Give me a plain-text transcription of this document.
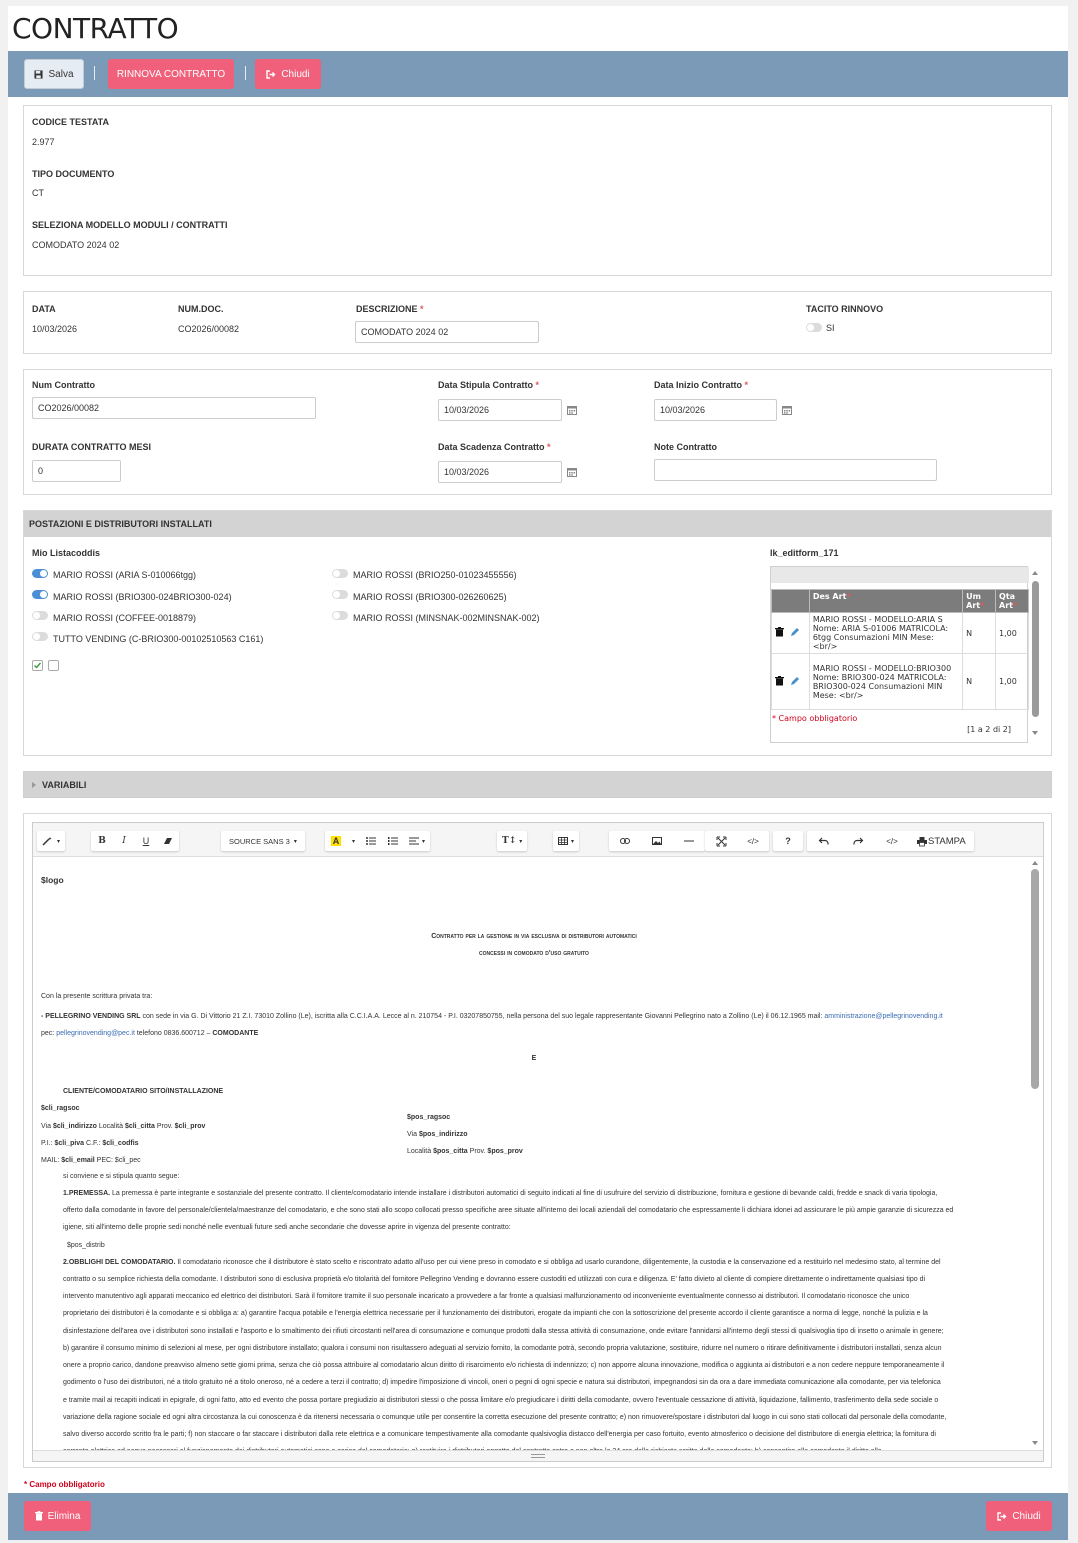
CONTRATTO
Salva	RINNOVA CONTRATTO	Chiudi
CODICE TESTATA
2.977
TIPO DOCUMENTO
CT
SELEZIONA MODELLO MODULI / CONTRATTI
COMODATO 2024 02
DATA
10/03/2026
NUM.DOC.
CO2026/00082
DESCRIZIONE *
COMODATO 2024 02
TACITO RINNOVO
SI
Num Contratto
CO2026/00082
Data Stipula Contratto *
10/03/2026
Data Inizio Contratto *
10/03/2026
DURATA CONTRATTO MESI
0
Data Scadenza Contratto *
10/03/2026
Note Contratto
POSTAZIONI E DISTRIBUTORI INSTALLATI
Mio Listacoddis
MARIO ROSSI (ARIA S-010066tgg)
MARIO ROSSI (BRIO300-024BRIO300-024)
MARIO ROSSI (COFFEE-0018879)
TUTTO VENDING (C-BRIO300-00102510563 C161)
MARIO ROSSI (BRIO250-01023455556)
MARIO ROSSI (BRIO300-026260625)
MARIO ROSSI (MINSNAK-002MINSNAK-002)
lk_editform_171
	Des Art*	Um Art*	Qta Art*
	MARIO ROSSI - MODELLO:ARIA S Nome: ARIA S-01006 MATRICOLA: 6tgg Consumazioni MIN Mese: <br/>	N	1,00
	MARIO ROSSI - MODELLO:BRIO300 Nome: BRIO300-024 MATRICOLA: BRIO300-024 Consumazioni MIN Mese: <br/>	N	1,00
* Campo obbligatorio
[1 a 2 di 2]
VARIABILI
▾	B I U	SOURCE SANS 3 ▾	A	▾	▾	T↕ ▾	▾	</>	?	</>	STAMPA
$logo
Contratto per la gestione in via esclusiva di distributori automatici
concessi in comodato d'uso gratuito
Con la presente scrittura privata tra:
- PELLEGRINO VENDING SRL con sede in via G. Di Vittorio 21 Z.I. 73010 Zollino (Le), iscritta alla C.C.I.A.A. Lecce al n. 210754 - P.I. 03207850755, nella persona del suo legale rappresentante Giovanni Pellegrino nato a Zollino (Le) il 06.12.1965 mail: amministrazione@pellegrinovending.it
pec: pellegrinovending@pec.it telefono 0836.600712 – COMODANTE
E
CLIENTE/COMODATARIO SITO/INSTALLAZIONE
$cli_ragsoc
Via $cli_indirizzo Località $cli_citta Prov. $cli_prov
P.I.: $cli_piva C.F.: $cli_codfis
MAIL: $cli_email PEC: $cli_pec
$pos_ragsoc
Via $pos_indirizzo
Località $pos_citta Prov. $pos_prov
si conviene e si stipula quanto segue:
1.PREMESSA. La premessa è parte integrante e sostanziale del presente contratto. Il cliente/comodatario intende installare i distributori automatici di seguito indicati al fine di usufruire del servizio di distribuzione, fornitura e gestione di bevande caldi, fredde e snack di varia tipologia,
offerto dalla comodante in favore del personale/clientela/maestranze del comodatario, e che sono stati allo scopo collocati presso specifiche aree situate all'interno dei locali aziendali del comodatario che espressamente li dichiara idonei ad assicurare le più ampie garanzie di sicurezza ed
igiene, siti all'interno delle proprie sedi nonché nelle eventuali future sedi anche secondarie che dovesse aprire in vigenza del presente contratto:
$pos_distrib
2.OBBLIGHI DEL COMODATARIO. Il comodatario riconosce che il distributore è stato scelto e riscontrato adatto all'uso per cui viene preso in comodato e si obbliga ad usarlo curandone, diligentemente, la custodia e la conservazione ed a restituirlo nel medesimo stato, al termine del
contratto o su semplice richiesta della comodante. I distributori sono di esclusiva proprietà e/o titolarità del fornitore Pellegrino Vending e dovranno essere custoditi ed utilizzati con cura e diligenza. E' fatto divieto al cliente di compiere direttamente o indirettamente qualsiasi tipo di
intervento manutentivo agli apparati meccanico ed elettrico dei distributori. Sarà il fornitore tramite il suo personale incaricato a provvedere a far fronte a qualsiasi malfunzionamento od inconveniente eventualmente connesso ai distributori. Il comodatario riconosce che unico
proprietario dei distributori è la comodante e si obbliga a: a) garantire l'acqua potabile e l'energia elettrica necessarie per il funzionamento dei distributori, erogate da impianti che con la sottoscrizione del presente accordo il cliente garantisce a norma di legge, nonché la pulizia e la
disinfestazione dell'area ove i distributori sono installati e l'asporto e lo smaltimento dei rifiuti circostanti nell'area di consumazione e comunque prodotti dalla stessa attività di consumazione, onde evitare l'annidarsi all'interno degli stessi di qualsivoglia tipo di insetto o animale in genere;
b) garantire il consumo minimo di selezioni al mese, per ogni distributore installato; qualora i consumi non risultassero adeguati al servizio fornito, la comodante potrà, secondo propria valutazione, sostituire, ridurre nel numero o ritirare definitivamente i distributori installati, senza alcun
onere a proprio carico, dandone preavviso almeno sette giorni prima, senza che ciò possa attribuire al comodatario alcun diritto di risarcimento e/o richiesta di indennizzo; c) non apporre alcuna innovazione, modifica o aggiunta ai distributori e a non cedere neppure temporaneamente il
godimento o l'uso dei distributori, né a titolo gratuito né a titolo oneroso, né a cedere a terzi il contratto; d) impedire l'imposizione di vincoli, oneri o pegni di ogni specie e natura sui distributori, impegnandosi sin da ora a dare immediata comunicazione alla comodante, per via telefonica
e tramite mail ai recapiti indicati in epigrafe, di ogni fatto, atto ed evento che possa portare pregiudizio ai distributori stessi o che possa limitare e/o pregiudicare i diritti della comodante, ovvero l'eventuale cessazione di attività, liquidazione, fallimento, trasferimento della sede sociale o
variazione della ragione sociale ed ogni altra circostanza la cui conoscenza è da ritenersi necessaria o comunque utile per consentire la corretta esecuzione del presente contratto; e) non rimuovere/spostare i distributori dal luogo in cui sono stati collocati dal personale della comodante,
salvo diverso accordo scritto fra le parti; f) non staccare o far staccare i distributori dalla rete elettrica e a comunicare tempestivamente alla comodante qualsivoglia distacco dell'energia per caso fortuito, evento atmosferico o decisione del distributore di energia elettrica; la fornitura di
* Campo obbligatorio
Elimina	Chiudi
